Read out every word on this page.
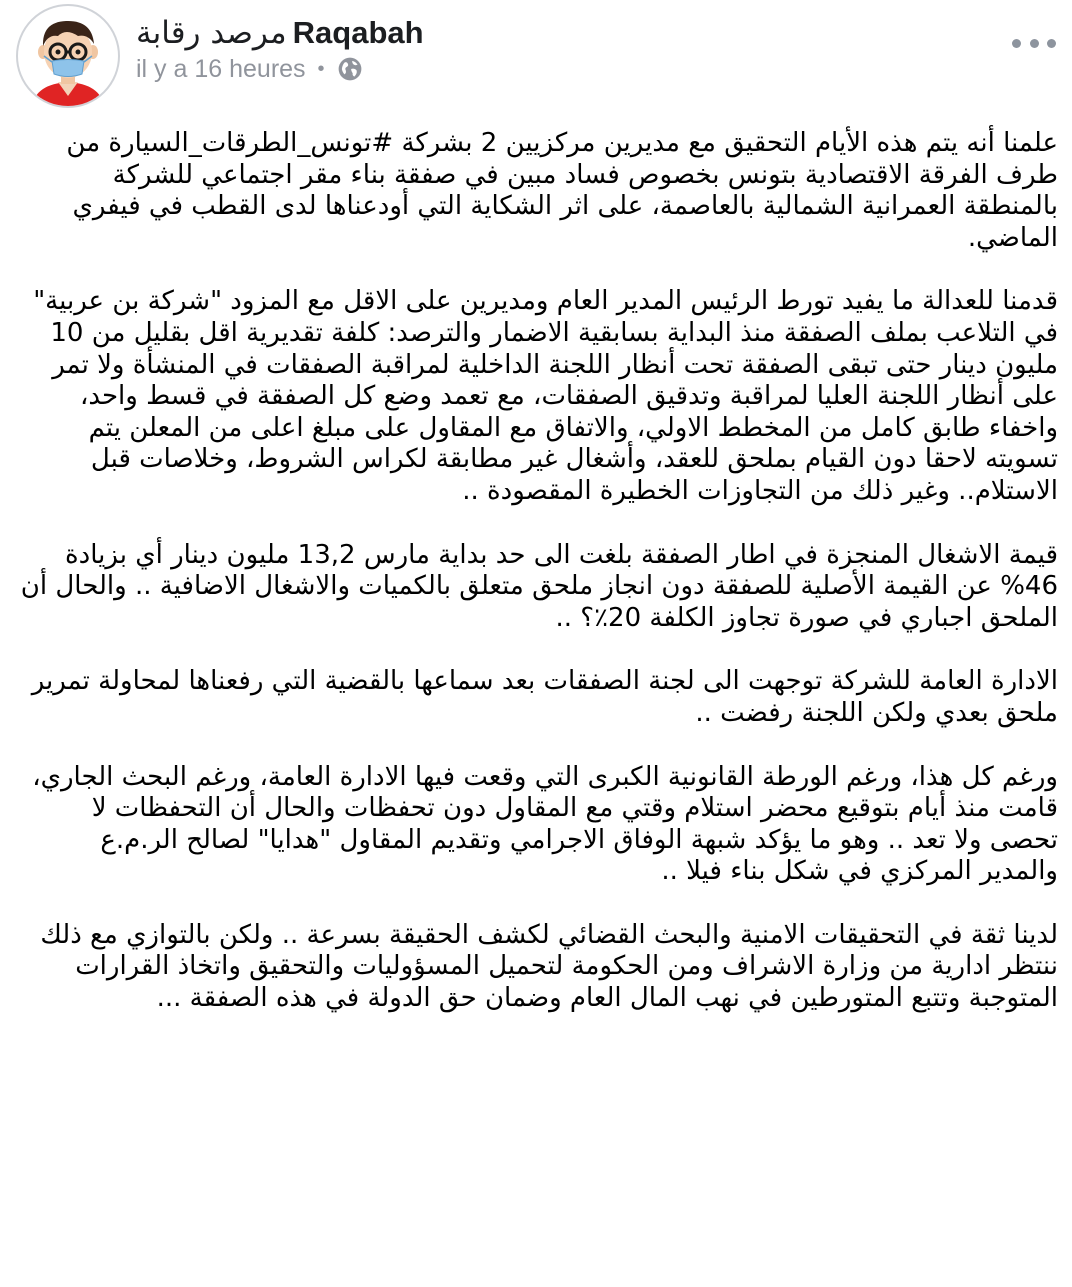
مرصد رقابة Raqabah
il y a 16 heures •

علمنا أنه يتم هذه الأيام التحقيق مع مديرين مركزيين 2 بشركة #تونس_الطرقات_السيارة من طرف الفرقة الاقتصادية بتونس بخصوص فساد مبين في صفقة بناء مقر اجتماعي للشركة بالمنطقة العمرانية الشمالية بالعاصمة، على اثر الشكاية التي أودعناها لدى القطب في فيفري الماضي.

قدمنا للعدالة ما يفيد تورط الرئيس المدير العام ومديرين على الاقل مع المزود "شركة بن عربية" في التلاعب بملف الصفقة منذ البداية بسابقية الاضمار والترصد: كلفة تقديرية اقل بقليل من 10 مليون دينار حتى تبقى الصفقة تحت أنظار اللجنة الداخلية لمراقبة الصفقات في المنشأة ولا تمر على أنظار اللجنة العليا لمراقبة وتدقيق الصفقات، مع تعمد وضع كل الصفقة في قسط واحد، واخفاء طابق كامل من المخطط الاولي، والاتفاق مع المقاول على مبلغ اعلى من المعلن يتم تسويته لاحقا دون القيام بملحق للعقد، وأشغال غير مطابقة لكراس الشروط، وخلاصات قبل الاستلام.. وغير ذلك من التجاوزات الخطيرة المقصودة ..

قيمة الاشغال المنجزة في اطار الصفقة بلغت الى حد بداية مارس 13,2 مليون دينار أي بزيادة 46% عن القيمة الأصلية للصفقة دون انجاز ملحق متعلق بالكميات والاشغال الاضافية .. والحال أن الملحق اجباري في صورة تجاوز الكلفة 20٪؟ ..

الادارة العامة للشركة توجهت الى لجنة الصفقات بعد سماعها بالقضية التي رفعناها لمحاولة تمرير ملحق بعدي ولكن اللجنة رفضت ..

ورغم كل هذا، ورغم الورطة القانونية الكبرى التي وقعت فيها الادارة العامة، ورغم البحث الجاري، قامت منذ أيام بتوقيع محضر استلام وقتي مع المقاول دون تحفظات والحال أن التحفظات لا تحصى ولا تعد .. وهو ما يؤكد شبهة الوفاق الاجرامي وتقديم المقاول "هدايا" لصالح الر.م.ع والمدير المركزي في شكل بناء فيلا ..

لدينا ثقة في التحقيقات الامنية والبحث القضائي لكشف الحقيقة بسرعة .. ولكن بالتوازي مع ذلك ننتظر ادارية من وزارة الاشراف ومن الحكومة لتحميل المسؤوليات والتحقيق واتخاذ القرارات المتوجبة وتتبع المتورطين في نهب المال العام وضمان حق الدولة في هذه الصفقة ...
